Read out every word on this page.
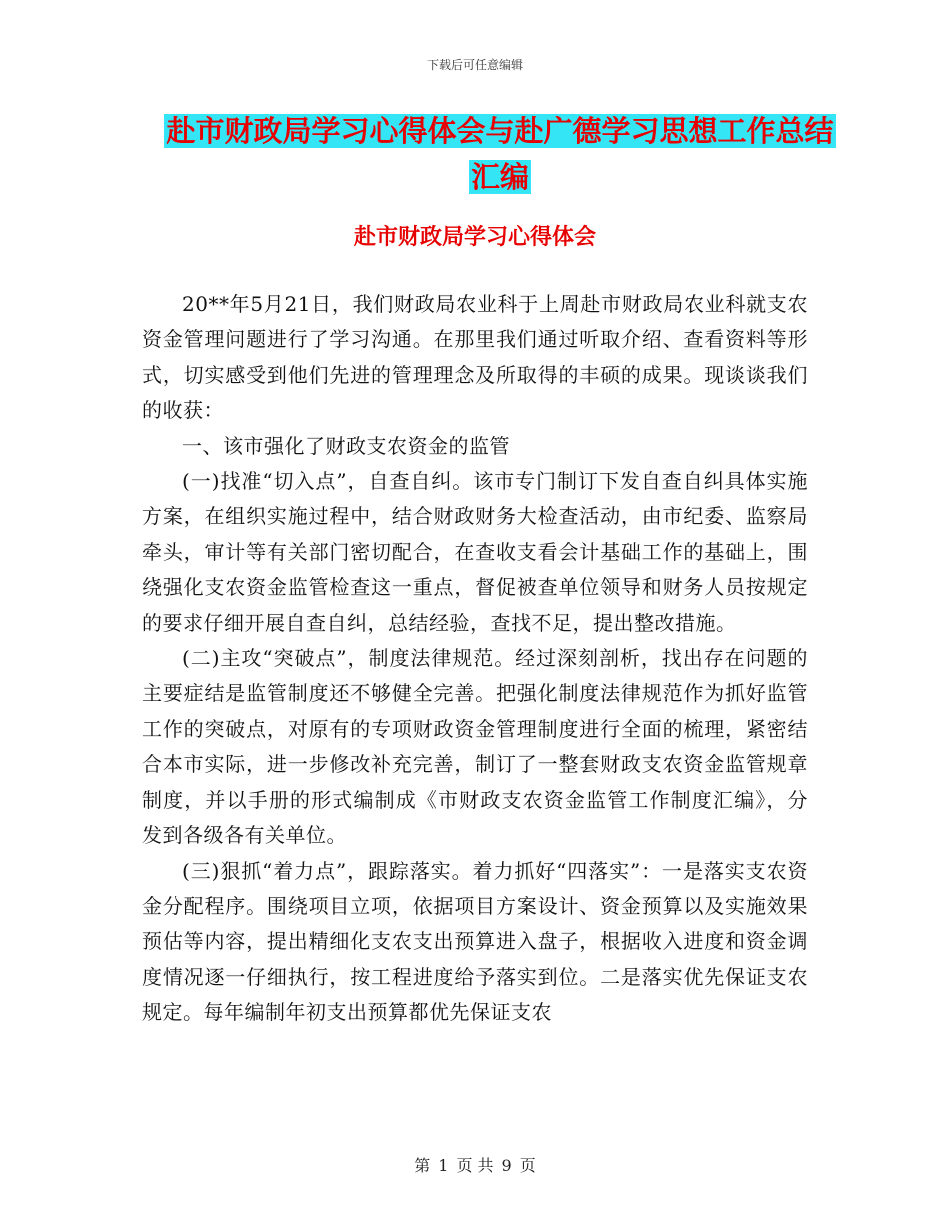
下载后可任意编辑
赴市财政局学习心得体会与赴广德学习思想工作总结
汇编
赴市财政局学习心得体会

20**年5月21日，我们财政局农业科于上周赴市财政局农业科就支农资金管理问题进行了学习沟通。在那里我们通过听取介绍、查看资料等形式，切实感受到他们先进的管理理念及所取得的丰硕的成果。现谈谈我们的收获：

一、该市强化了财政支农资金的监管

(一)找准“切入点”，自查自纠。该市专门制订下发自查自纠具体实施方案，在组织实施过程中，结合财政财务大检查活动，由市纪委、监察局牵头，审计等有关部门密切配合，在查收支看会计基础工作的基础上，围绕强化支农资金监管检查这一重点，督促被查单位领导和财务人员按规定的要求仔细开展自查自纠，总结经验，查找不足，提出整改措施。

(二)主攻“突破点”，制度法律规范。经过深刻剖析，找出存在问题的主要症结是监管制度还不够健全完善。把强化制度法律规范作为抓好监管工作的突破点，对原有的专项财政资金管理制度进行全面的梳理，紧密结合本市实际，进一步修改补充完善，制订了一整套财政支农资金监管规章制度，并以手册的形式编制成《市财政支农资金监管工作制度汇编》，分发到各级各有关单位。

(三)狠抓“着力点”，跟踪落实。着力抓好“四落实”：一是落实支农资金分配程序。围绕项目立项，依据项目方案设计、资金预算以及实施效果预估等内容，提出精细化支农支出预算进入盘子，根据收入进度和资金调度情况逐一仔细执行，按工程进度给予落实到位。二是落实优先保证支农规定。每年编制年初支出预算都优先保证支农

第 1 页 共 9 页
